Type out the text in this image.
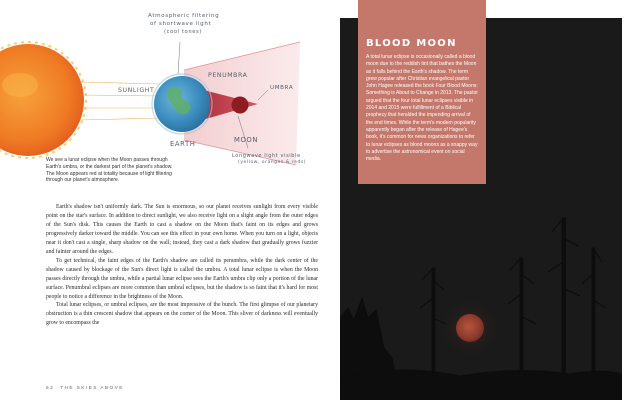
Atmospheric filtering
of shortwave light
(cool tones)
SUNLIGHT
PENUMBRA
UMBRA
EARTH	MOON
Longwave light visible
(yellow, oranges & reds)
We see a lunar eclipse when the Moon passes through Earth's umbra, or the darkest part of the planet's shadow. The Moon appears red at totality because of light filtering through our planet's atmosphere.

Earth's shadow isn't uniformly dark. The Sun is enormous, so our planet receives sunlight from every visible point on the star's surface. In addition to direct sunlight, we also receive light on a slight angle from the outer edges of the Sun's disk. This causes the Earth to cast a shadow on the Moon that's faint on its edges and grows progressively darker toward the middle. You can see this effect in your own home. When you turn on a light, objects near it don't cast a single, sharp shadow on the wall; instead, they cast a dark shadow that gradually grows fuzzier and fainter around the edges.

To get technical, the faint edges of the Earth's shadow are called its penumbra, while the dark center of the shadow caused by blockage of the Sun's direct light is called the umbra. A total lunar eclipse is when the Moon passes directly through the umbra, while a partial lunar eclipse sees the Earth's umbra clip only a portion of the lunar surface. Penumbral eclipses are more common than umbral eclipses, but the shadow is so faint that it's hard for most people to notice a difference in the brightness of the Moon.

Total lunar eclipses, or umbral eclipses, are the most impressive of the bunch. The first glimpse of our planetary obstruction is a thin crescent shadow that appears on the corner of the Moon. This sliver of darkness will eventually grow to encompass the

62 THE SKIES ABOVE
BLOOD MOON
A total lunar eclipse is occasionally called a blood moon due to the reddish tint that bathes the Moon as it falls behind the Earth's shadow. The term grew popular after Christian evangelical pastor John Hagee released the book Four Blood Moons: Something is About to Change in 2013. The pastor argued that the four total lunar eclipses visible in 2014 and 2015 were fulfillment of a Biblical prophecy that heralded the impending arrival of the end times. While the term's modern popularity apparently began after the release of Hagee's book, it's common for news organizations to refer to lunar eclipses as blood moons as a snappy way to advertise the astronomical event on social media.
